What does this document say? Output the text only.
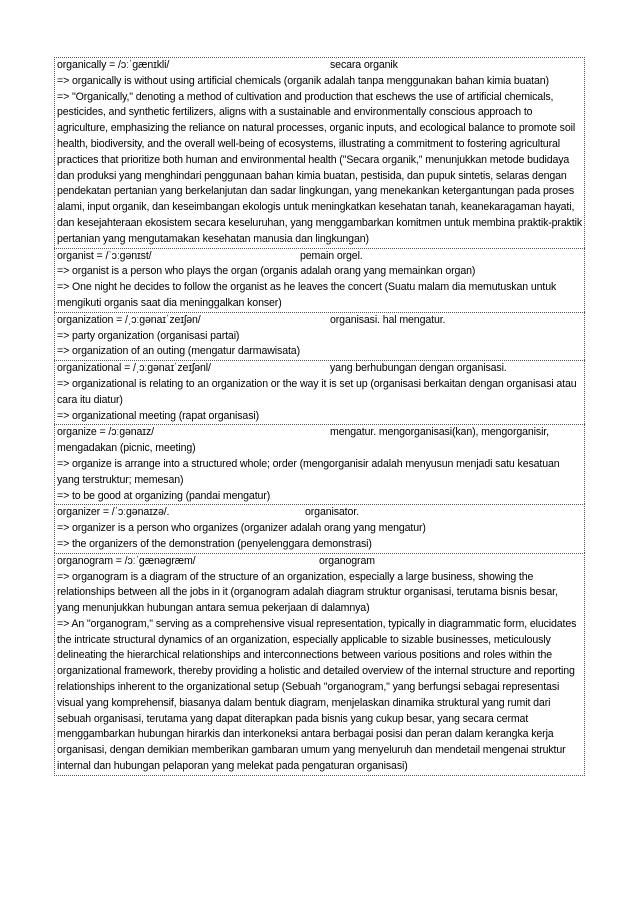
organically = /ɔːˈgænɪkli/	secara organik
=> organically is without using artificial chemicals (organik adalah tanpa menggunakan bahan kimia buatan)
=> "Organically," denoting a method of cultivation and production that eschews the use of artificial chemicals, pesticides, and synthetic fertilizers, aligns with a sustainable and environmentally conscious approach to agriculture, emphasizing the reliance on natural processes, organic inputs, and ecological balance to promote soil health, biodiversity, and the overall well-being of ecosystems, illustrating a commitment to fostering agricultural practices that prioritize both human and environmental health ("Secara organik," menunjukkan metode budidaya dan produksi yang menghindari penggunaan bahan kimia buatan, pestisida, dan pupuk sintetis, selaras dengan pendekatan pertanian yang berkelanjutan dan sadar lingkungan, yang menekankan ketergantungan pada proses alami, input organik, dan keseimbangan ekologis untuk meningkatkan kesehatan tanah, keanekaragaman hayati, dan kesejahteraan ekosistem secara keseluruhan, yang menggambarkan komitmen untuk membina praktik-praktik pertanian yang mengutamakan kesehatan manusia dan lingkungan)
organist = /ˈɔːgənɪst/	pemain orgel.
=> organist is a person who plays the organ (organis adalah orang yang memainkan organ)
=> One night he decides to follow the organist as he leaves the concert (Suatu malam dia memutuskan untuk mengikuti organis saat dia meninggalkan konser)
organization = /ˌɔːgənaɪˈzeɪʃən/	organisasi. hal mengatur.
=> party organization (organisasi partai)
=> organization of an outing (mengatur darmawisata)
organizational = /ˌɔːgənaɪˈzeɪʃənl/	yang berhubungan dengan organisasi.
=> organizational is relating to an organization or the way it is set up (organisasi berkaitan dengan organisasi atau cara itu diatur)
=> organizational meeting (rapat organisasi)
organize = /ɔːgənaɪz/	mengatur. mengorganisasi(kan), mengorganisir, mengadakan (picnic, meeting)
=> organize is arrange into a structured whole; order (mengorganisir adalah menyusun menjadi satu kesatuan yang terstruktur; memesan)
=> to be good at organizing (pandai mengatur)
organizer = /ˈɔːgənaɪzə/.	organisator.
=> organizer is a person who organizes (organizer adalah orang yang mengatur)
=> the organizers of the demonstration (penyelenggara demonstrasi)
organogram = /ɔːˈgænəgræm/	organogram
=> organogram is a diagram of the structure of an organization, especially a large business, showing the relationships between all the jobs in it (organogram adalah diagram struktur organisasi, terutama bisnis besar, yang menunjukkan hubungan antara semua pekerjaan di dalamnya)
=> An "organogram," serving as a comprehensive visual representation, typically in diagrammatic form, elucidates the intricate structural dynamics of an organization, especially applicable to sizable businesses, meticulously delineating the hierarchical relationships and interconnections between various positions and roles within the organizational framework, thereby providing a holistic and detailed overview of the internal structure and reporting relationships inherent to the organizational setup (Sebuah "organogram," yang berfungsi sebagai representasi visual yang komprehensif, biasanya dalam bentuk diagram, menjelaskan dinamika struktural yang rumit dari sebuah organisasi, terutama yang dapat diterapkan pada bisnis yang cukup besar, yang secara cermat menggambarkan hubungan hirarkis dan interkoneksi antara berbagai posisi dan peran dalam kerangka kerja organisasi, dengan demikian memberikan gambaran umum yang menyeluruh dan mendetail mengenai struktur internal dan hubungan pelaporan yang melekat pada pengaturan organisasi)
